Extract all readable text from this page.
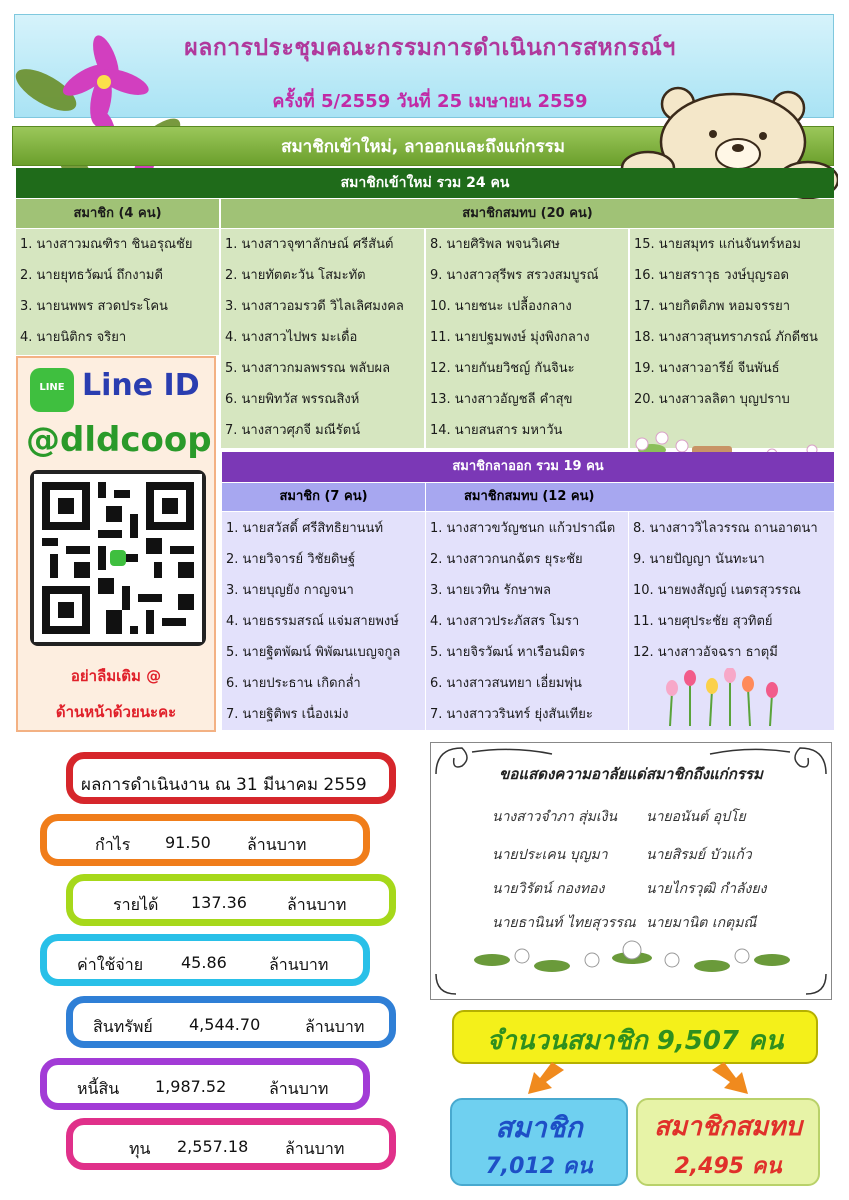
ผลการประชุมคณะกรรมการดำเนินการสหกรณ์ฯ
ครั้งที่ 5/2559 วันที่ 25 เมษายน 2559
สมาชิกเข้าใหม่, ลาออกและถึงแก่กรรม
สมาชิกเข้าใหม่ รวม 24 คน
สมาชิก (4 คน)	สมาชิกสมทบ (20 คน)
1. นางสาวมณฑิรา ชินอรุณชัย
2. นายยุทธวัฒน์ ถึกงามดี
3. นายนพพร สวดประโคน
4. นายนิติกร จริยา
1. นางสาวจุฑาลักษณ์ ศรีสันต์
2. นายทัตตะวัน โสมะทัต
3. นางสาวอมรวดี วิไลเลิศมงคล
4. นางสาวไปพร มะเดื่อ
5. นางสาวกมลพรรณ พลับผล
6. นายพิทวัส พรรณสิงห์
7. นางสาวศุภจี มณีรัตน์
8. นายศิริพล พจนวิเศษ
9. นางสาวสุรีพร สรวงสมบูรณ์
10. นายชนะ เปลื้องกลาง
11. นายปฐมพงษ์ มุ่งพิงกลาง
12. นายกันยวิชญ์ กันจินะ
13. นางสาวอัญชลี คำสุข
14. นายสนสาร มหาวัน
15. นายสมุทร แก่นจันทร์หอม
16. นายสราวุธ วงษ์บุญรอด
17. นายกิตติภพ หอมจรรยา
18. นางสาวสุนทราภรณ์ ภักดีชน
19. นางสาวอารีย์ จีนพันธ์
20. นางสาวลลิตา บุญปราบ
LINE Line ID
@dldcoop
อย่าลืมเติม @
ด้านหน้าด้วยนะคะ
สมาชิกลาออก รวม 19 คน
สมาชิก (7 คน)	สมาชิกสมทบ (12 คน)
1. นายสวัสดิ์ ศรีสิทธิยานนท์
2. นายวิจารย์ วิชัยดิษฐ์
3. นายบุญยัง กาญจนา
4. นายธรรมสรณ์ แจ่มสายพงษ์
5. นายฐิตพัฒน์ พิพัฒนเบญจกูล
6. นายประธาน เกิดกล่ำ
7. นายฐิติพร เนื่องเม่ง
1. นางสาวขวัญชนก แก้วปราณีต
2. นางสาวกนกฉัตร ยุระชัย
3. นายเวทิน รักษาพล
4. นางสาวประภัสสร โมรา
5. นายจิรวัฒน์ หาเรือนมิตร
6. นางสาวสนทยา เอี่ยมพุ่น
7. นางสาววรินทร์ ยุ่งสันเทียะ
8. นางสาววิไลวรรณ ถานอาตนา
9. นายปัญญา นันทะนา
10. นายพงสัญญ์ เนตรสุวรรณ
11. นายศุประชัย สุวทิตย์
12. นางสาวอัจฉรา ธาตุมี
ผลการดำเนินงาน ณ 31 มีนาคม 2559
กำไร 91.50 ล้านบาท
รายได้ 137.36	ล้านบาท
ค่าใช้จ่าย 45.86	ล้านบาท
สินทรัพย์ 4,544.70	ล้านบาท
หนี้สิน 1,987.52	ล้านบาท
ทุน 2,557.18 ล้านบาท
ขอแสดงความอาลัยแด่สมาชิกถึงแก่กรรม
นางสาวจำภา สุ่มเงิน
นายประเคน บุญมา
นายวิรัตน์ กองทอง
นายธานินท์ ไทยสุวรรณ
นายอนันต์ อุปโย
นายสิรมย์ บัวแก้ว
นายไกรวุฒิ กำลังยง
นายมานิต เกตุมณี
จำนวนสมาชิก 9,507 คน
สมาชิก
7,012 คน
สมาชิกสมทบ
2,495 คน
